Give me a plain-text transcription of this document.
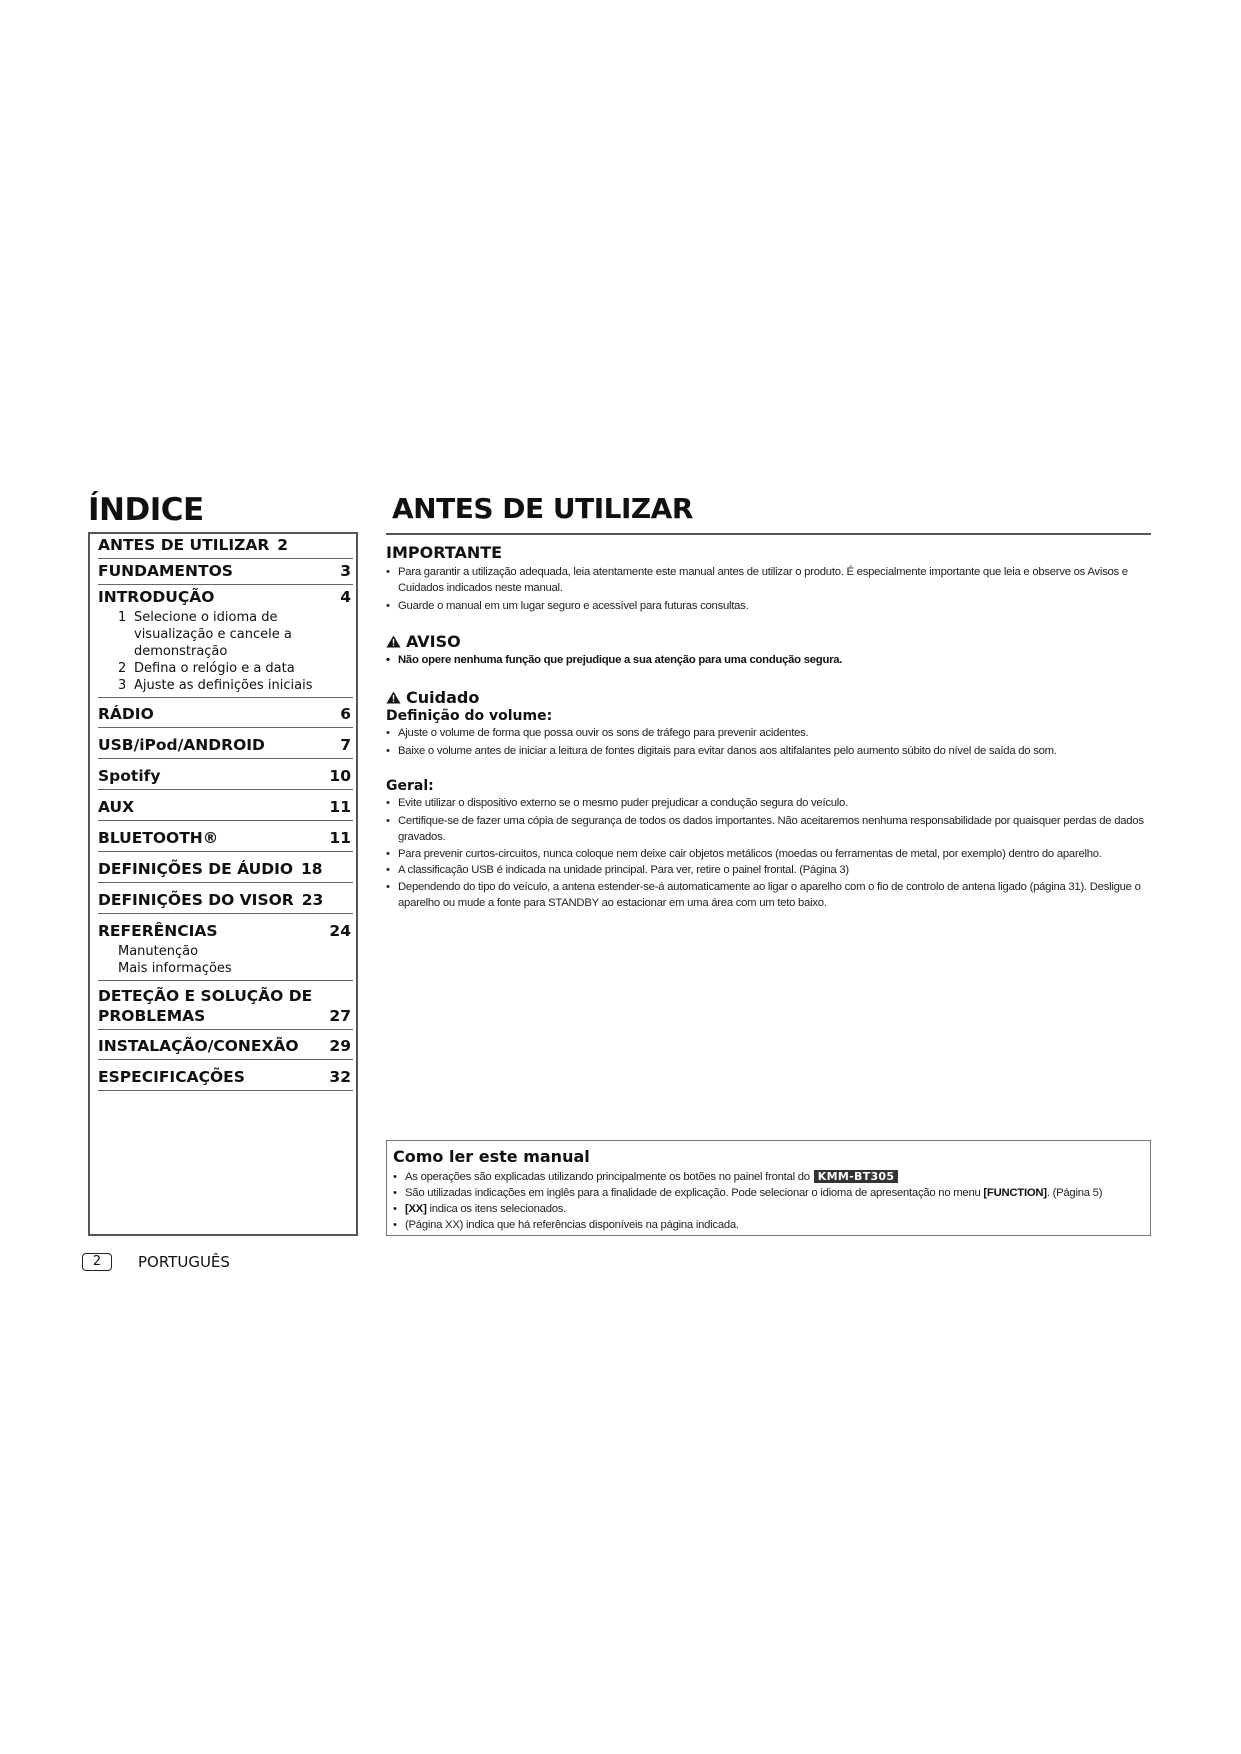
ÍNDICE
ANTES DE UTILIZAR 2
FUNDAMENTOS	3
INTRODUÇÃO	4
1 Selecione o idioma de visualização e cancele a demonstração
2 Defina o relógio e a data
3 Ajuste as definições iniciais
RÁDIO	6
USB/iPod/ANDROID	7
Spotify	10
AUX	11
BLUETOOTH®	11
DEFINIÇÕES DE ÁUDIO 18
DEFINIÇÕES DO VISOR 23
REFERÊNCIAS	24
Manutenção
Mais informações
DETEÇÃO E SOLUÇÃO DE
PROBLEMAS	27
INSTALAÇÃO/CONEXÃO 29
ESPECIFICAÇÕES	32
2	PORTUGUÊS
ANTES DE UTILIZAR
IMPORTANTE
• Para garantir a utilização adequada, leia atentamente este manual antes de utilizar o produto. É especialmente importante que leia e observe os Avisos e Cuidados indicados neste manual.
• Guarde o manual em um lugar seguro e acessível para futuras consultas.
AVISO
• Não opere nenhuma função que prejudique a sua atenção para uma condução segura.
Cuidado
Definição do volume:
• Ajuste o volume de forma que possa ouvir os sons de tráfego para prevenir acidentes.
• Baixe o volume antes de iniciar a leitura de fontes digitais para evitar danos aos altifalantes pelo aumento súbito do nível de saída do som.
Geral:
• Evite utilizar o dispositivo externo se o mesmo puder prejudicar a condução segura do veículo.
• Certifique-se de fazer uma cópia de segurança de todos os dados importantes. Não aceitaremos nenhuma responsabilidade por quaisquer perdas de dados gravados.
• Para prevenir curtos-circuitos, nunca coloque nem deixe cair objetos metálicos (moedas ou ferramentas de metal, por exemplo) dentro do aparelho.
• A classificação USB é indicada na unidade principal. Para ver, retire o painel frontal. (Página 3)
• Dependendo do tipo do veículo, a antena estender-se-á automaticamente ao ligar o aparelho com o fio de controlo de antena ligado (página 31). Desligue o aparelho ou mude a fonte para STANDBY ao estacionar em uma área com um teto baixo.
Como ler este manual
• As operações são explicadas utilizando principalmente os botões no painel frontal do KMM-BT305
• São utilizadas indicações em inglês para a finalidade de explicação. Pode selecionar o idioma de apresentação no menu [FUNCTION]. (Página 5)
• [XX] indica os itens selecionados.
• (Página XX) indica que há referências disponíveis na página indicada.
